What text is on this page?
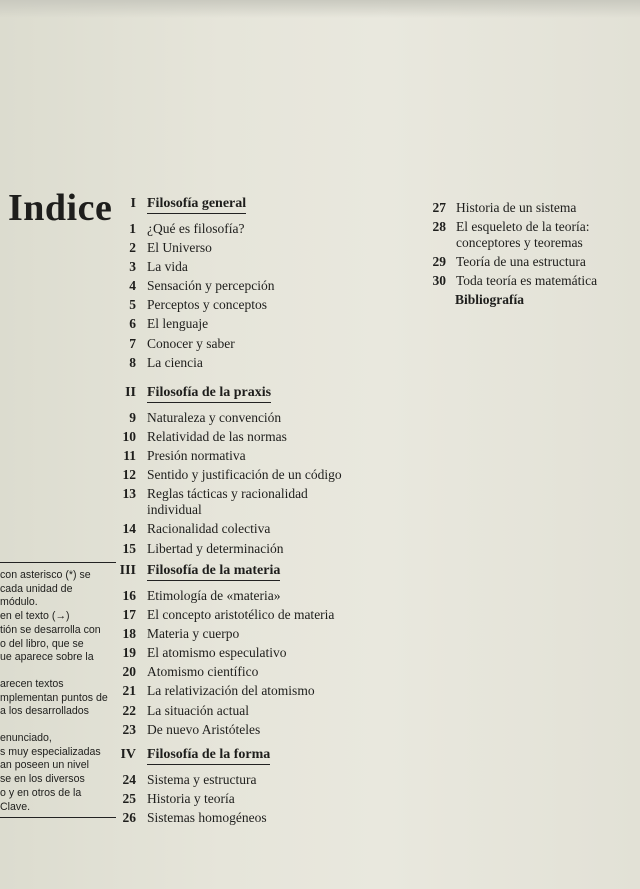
Indice
con asterisco (*) se
cada unidad de
módulo.
en el texto (→)
tión se desarrolla con
o del libro, que se
ue aparece sobre la
arecen textos
mplementan puntos de
a los desarrollados
enunciado,
s muy especializadas
an poseen un nivel
se en los diversos
o y en otros de la
Clave.
I Filosofía general
1 ¿Qué es filosofía?
2 El Universo
3 La vida
4 Sensación y percepción
5 Perceptos y conceptos
6 El lenguaje
7 Conocer y saber
8 La ciencia
II Filosofía de la praxis
9 Naturaleza y convención
10 Relatividad de las normas
11 Presión normativa
12 Sentido y justificación de un código
13 Reglas tácticas y racionalidad
individual
14 Racionalidad colectiva
15 Libertad y determinación
III Filosofía de la materia
16 Etimología de «materia»
17 El concepto aristotélico de materia
18 Materia y cuerpo
19 El atomismo especulativo
20 Atomismo científico
21 La relativización del atomismo
22 La situación actual
23 De nuevo Aristóteles
IV Filosofía de la forma
24 Sistema y estructura
25 Historia y teoría
26 Sistemas homogéneos
27 Historia de un sistema
28 El esqueleto de la teoría:
conceptores y teoremas
29 Teoría de una estructura
30 Toda teoría es matemática
Bibliografía
